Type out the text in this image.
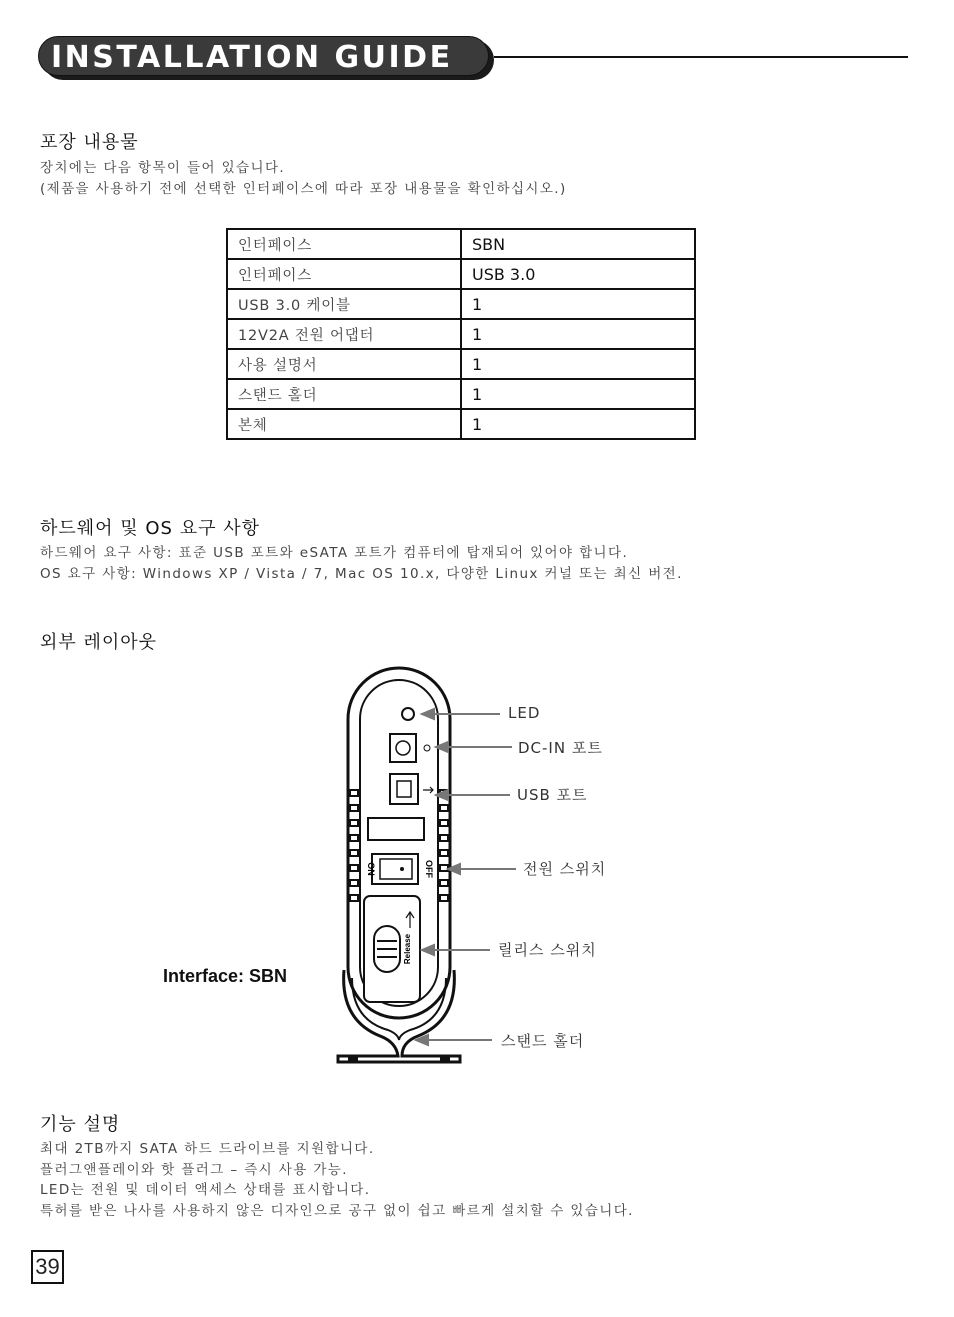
INSTALLATION GUIDE
포장 내용물
장치에는 다음 항목이 들어 있습니다.
(제품을 사용하기 전에 선택한 인터페이스에 따라 포장 내용물을 확인하십시오.)
인터페이스	SBN
인터페이스	USB 3.0
USB 3.0 케이블	1
12V2A 전원 어댑터	1
사용 설명서	1
스탠드 홀더	1
본체	1
하드웨어 및 OS 요구 사항
하드웨어 요구 사항: 표준 USB 포트와 eSATA 포트가 컴퓨터에 탑재되어 있어야 합니다.
OS 요구 사항: Windows XP / Vista / 7, Mac OS 10.x, 다양한 Linux 커널 또는 최신 버전.
외부 레이아웃
ON	OFF
Release
LED
DC-IN 포트
USB 포트
전원 스위치
릴리스 스위치
스탠드 홀더
Interface: SBN
기능 설명
최대 2TB까지 SATA 하드 드라이브를 지원합니다.
플러그앤플레이와 핫 플러그 – 즉시 사용 가능.
LED는 전원 및 데이터 액세스 상태를 표시합니다.
특허를 받은 나사를 사용하지 않은 디자인으로 공구 없이 쉽고 빠르게 설치할 수 있습니다.
39
